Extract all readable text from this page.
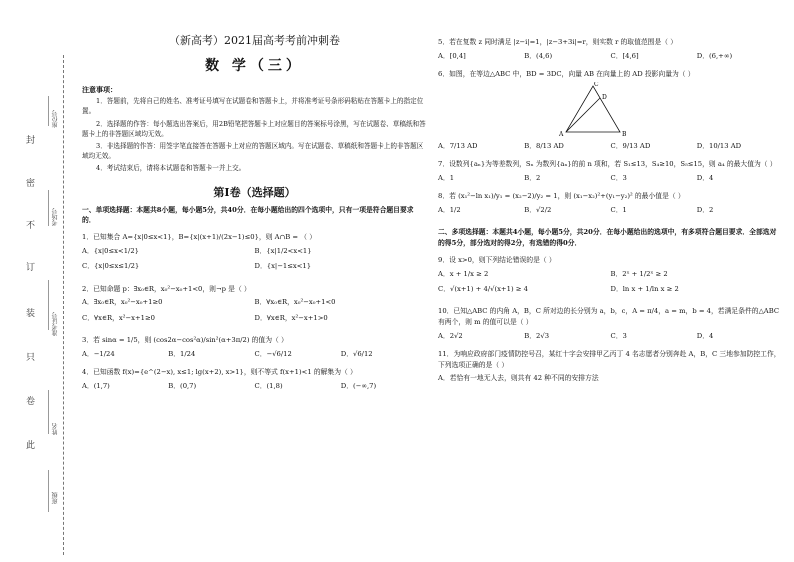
封
密
不
订
装
只
卷
此
座位号
考场号
准考证号
姓名
班级
（新高考）2021届高考考前冲刺卷
数 学（三）
注意事项：

1．答题前，先将自己的姓名、准考证号填写在试题卷和答题卡上，并将准考证号条形码粘贴在答题卡上的指定位置。

2．选择题的作答：每小题选出答案后，用2B铅笔把答题卡上对应题目的答案标号涂黑，写在试题卷、草稿纸和答题卡上的非答题区域均无效。

3．非选择题的作答：用签字笔直接答在答题卡上对应的答题区域内。写在试题卷、草稿纸和答题卡上的非答题区域均无效。

4．考试结束后，请将本试题卷和答题卡一并上交。

第Ⅰ卷（选择题）
一、单项选择题：本题共8小题，每小题5分，共40分．在每小题给出的四个选项中，只有一项是符合题目要求的．
1．已知集合 A={x|0≤x<1}，B={x|(x+1)/(2x−1)≤0}，则 A∩B = （ ）
A．{x|0≤x<1/2}	B．{x|1/2<x<1}
C．{x|0≤x≤1/2}	D．{x|−1≤x<1}
2．已知命题 p：∃x₀∈R，x₀²−x₀+1<0，则¬p 是（ ）
A．∃x₀∈R，x₀²−x₀+1≥0	B．∀x₀∈R，x₀²−x₀+1<0
C．∀x∈R，x²−x+1≥0	D．∀x∈R，x²−x+1>0
3．若 sinα = 1/5，则 (cos2α−cos²α)/sin²(α+3π/2) 的值为（ ）
A．−1/24	B．1/24	C．−√6/12	D．√6/12
4．已知函数 f(x)={e^(2−x), x≤1; lg(x+2), x>1}，则不等式 f(x+1)<1 的解集为（ ）
A．(1,7)	B．(0,7)	C．(1,8)	D．(−∞,7)
5．若在复数 z 同时满足 |z−i|=1，|z−3+3i|=r，则实数 r 的取值范围是（ ）
A．[0,4]	B．(4,6)	C．[4,6]	D．(6,+∞)
6．如图，在等边△ABC 中，BD = 3DC，向量 AB 在向量上的 AD 投影向量为（ ）
C
D
A	B
A．7/13 AD	B．8/13 AD	C．9/13 AD	D．10/13 AD
7．设数列{aₙ}为等差数列，Sₙ 为数列{aₙ}的前 n 项和，若 S₁≤13，S₄≥10，S₅≤15，则 a₄ 的最大值为（ ）
A．1	B．2	C．3	D．4
8．若 (x₁²−ln x₁)/y₁ = (x₂−2)/y₂ = 1，则 (x₁−x₂)²+(y₁−y₂)² 的最小值是（ ）
A．1/2	B．√2/2	C．1	D．2
二、多项选择题：本题共4小题，每小题5分，共20分．在每小题给出的选项中，有多项符合题目要求．全部选对的得5分，部分选对的得2分，有选错的得0分．
9．设 x>0，则下列结论错误的是（ ）
A．x + 1/x ≥ 2	B．2ˣ + 1/2ˣ ≥ 2
C．√(x+1) + 4/√(x+1) ≥ 4	D．ln x + 1/ln x ≥ 2
10．已知△ABC 的内角 A，B，C 所对边的长分别为 a，b，c，A = π/4，a = m，b = 4，若满足条件的△ABC 有两个，则 m 的值可以是（ ）
A．2√2	B．2√3	C．3	D．4
11．为响应政府部门疫情防控号召，某红十字会安排甲乙丙丁 4 名志愿者分别奔赴 A，B，C 三地参加防控工作，下列选项正确的是（ ）
A．若恰有一地无人去，则共有 42 种不同的安排方法
